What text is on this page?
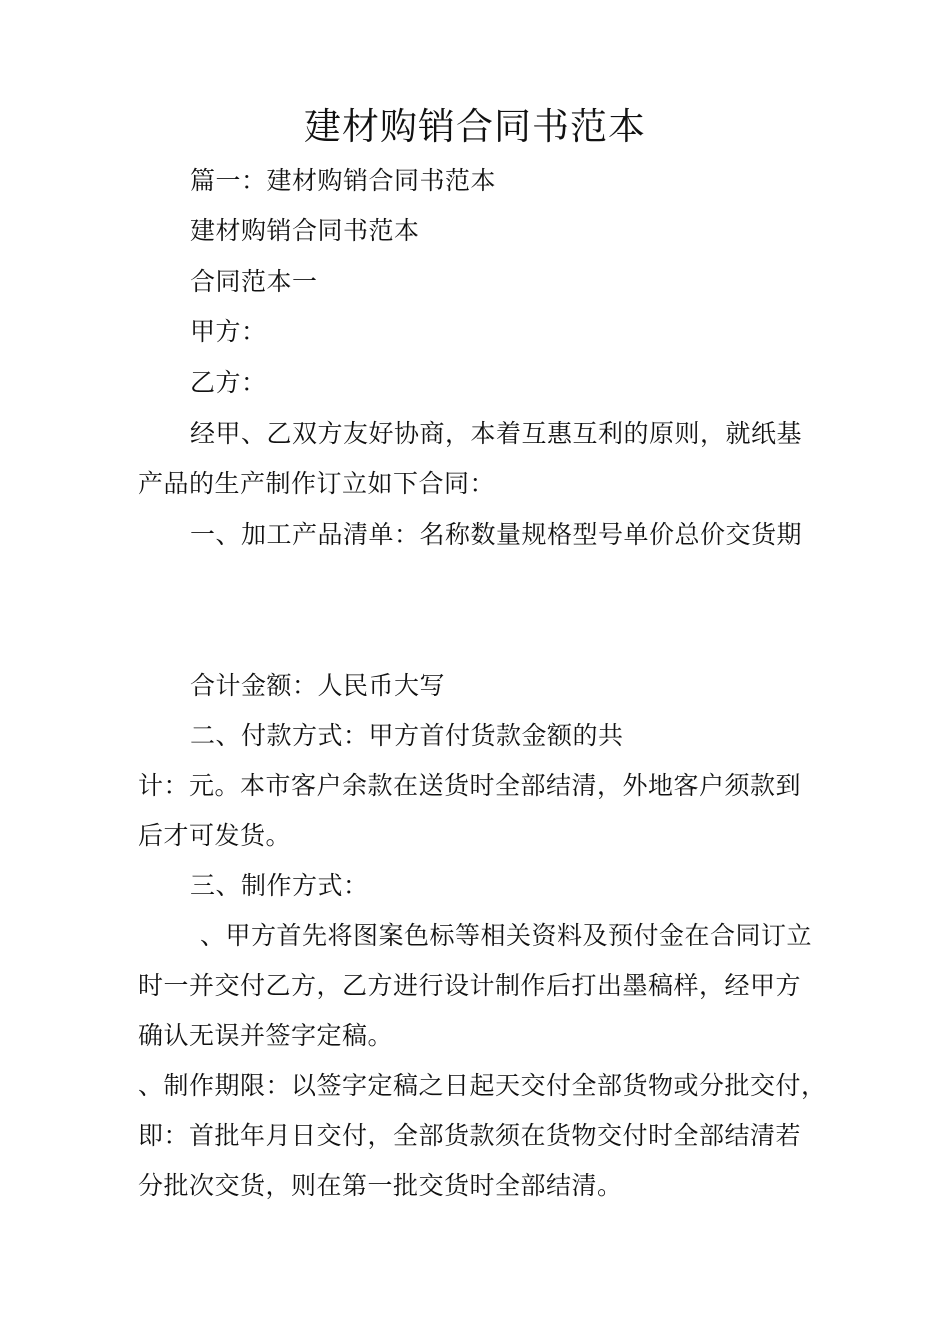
建材购销合同书范本
篇一：建材购销合同书范本
建材购销合同书范本
合同范本一
甲方：
乙方：
经甲、乙双方友好协商，本着互惠互利的原则，就纸基
产品的生产制作订立如下合同：
一、加工产品清单：名称数量规格型号单价总价交货期
合计金额：人民币大写
二、付款方式：甲方首付货款金额的共
计：元。本市客户余款在送货时全部结清，外地客户须款到
后才可发货。
三、制作方式：
、甲方首先将图案色标等相关资料及预付金在合同订立
时一并交付乙方，乙方进行设计制作后打出墨稿样，经甲方
确认无误并签字定稿。
、制作期限：以签字定稿之日起天交付全部货物或分批交付，
即：首批年月日交付，全部货款须在货物交付时全部结清若
分批次交货，则在第一批交货时全部结清。
